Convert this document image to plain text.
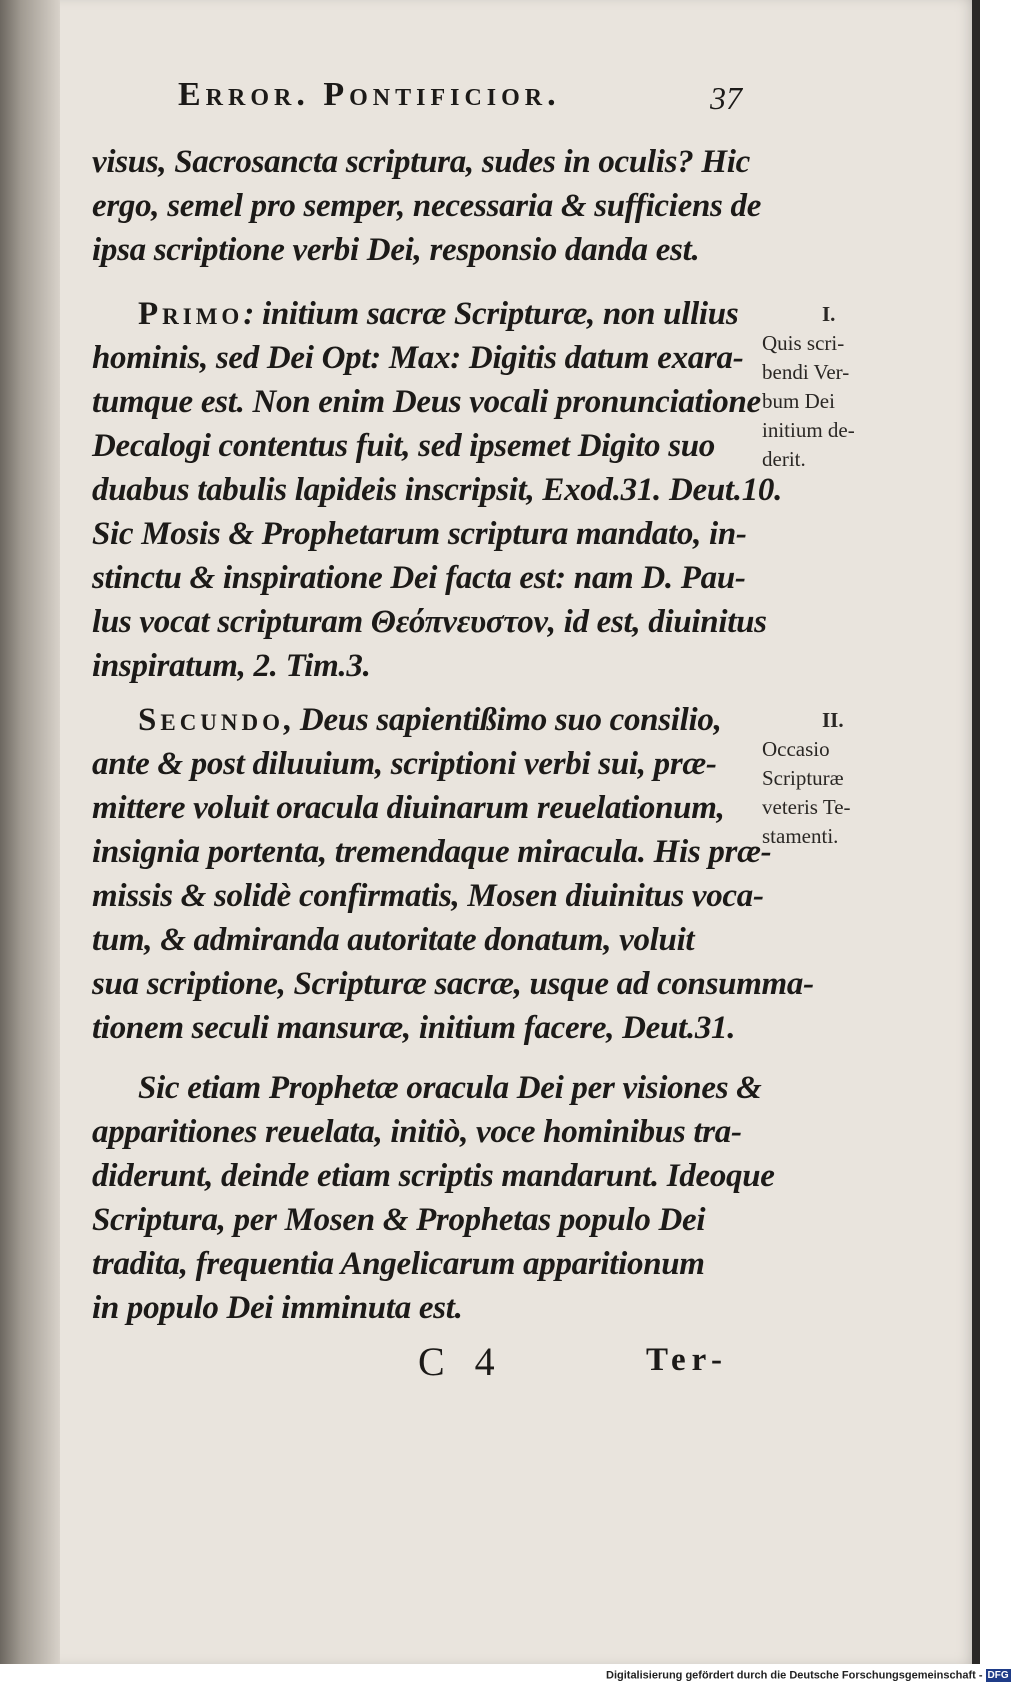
Error. Pontificior.	37
visus, Sacrosancta scriptura, sudes in oculis? Hic
ergo, semel pro semper, necessaria & sufficiens de
ipsa scriptione verbi Dei, responsio danda est.
Primo: initium sacræ Scripturæ, non ullius
hominis, sed Dei Opt: Max: Digitis datum exara-
tumque est. Non enim Deus vocali pronunciatione
Decalogi contentus fuit, sed ipsemet Digito suo
duabus tabulis lapideis inscripsit, Exod.31. Deut.10.
Sic Mosis & Prophetarum scriptura mandato, in-
stinctu & inspiratione Dei facta est: nam D. Pau-
lus vocat scripturam Θεόπνευστον, id est, diuinitus
inspiratum, 2. Tim.3.
Secundo, Deus sapientißimo suo consilio,
ante & post diluuium, scriptioni verbi sui, præ-
mittere voluit oracula diuinarum reuelationum,
insignia portenta, tremendaque miracula. His præ-
missis & solidè confirmatis, Mosen diuinitus voca-
tum, & admiranda autoritate donatum, voluit
sua scriptione, Scripturæ sacræ, usque ad consumma-
tionem seculi mansuræ, initium facere, Deut.31.
Sic etiam Prophetæ oracula Dei per visiones &
apparitiones reuelata, initiò, voce hominibus tra-
diderunt, deinde etiam scriptis mandarunt. Ideoque
Scriptura, per Mosen & Prophetas populo Dei
tradita, frequentia Angelicarum apparitionum
in populo Dei imminuta est.
I.
Quis scri-
bendi Ver-
bum Dei
initium de-
derit.
II.
Occasio
Scripturæ
veteris Te-
stamenti.
C 4	Ter-
Digitalisierung gefördert durch die Deutsche Forschungsgemeinschaft - DFG
